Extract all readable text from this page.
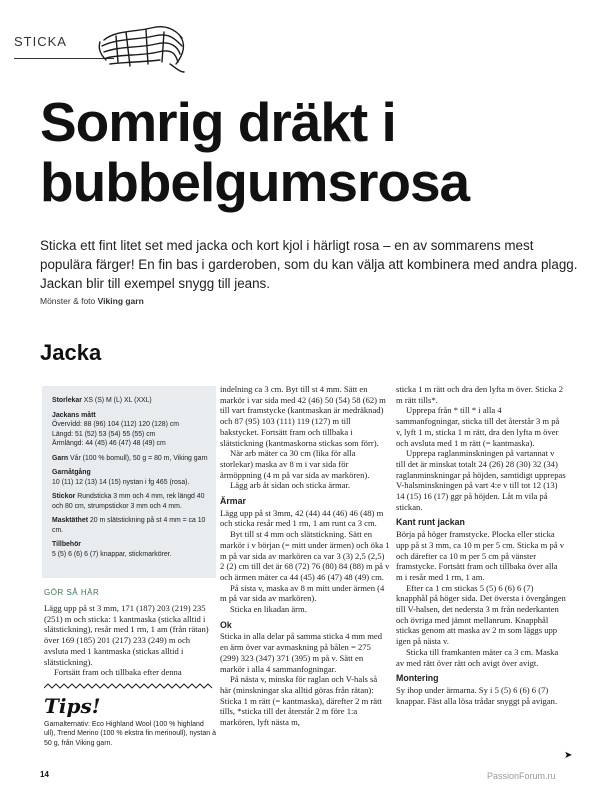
STICKA
Somrig dräkt i bubbelgumsrosa

Sticka ett fint litet set med jacka och kort kjol i härligt rosa – en av sommarens mest populära färger! En fin bas i garderoben, som du kan välja att kombinera med andra plagg. Jackan blir till exempel snygg till jeans.

Mönster & foto Viking garn

Jacka

Storlekar XS (S) M (L) XL (XXL)

Jackans mått

Övervídd: 88 (96) 104 (112) 120 (128) cm

Längd: 51 (52) 53 (54) 55 (55) cm

Ärmlängd: 44 (45) 46 (47) 48 (49) cm

Garn Vår (100 % bomull), 50 g = 80 m, Viking garn

Garnåtgång

10 (11) 12 (13) 14 (15) nystan i fg 465 (rosa).

Stickor Rundsticka 3 mm och 4 mm, rek längd 40 och 80 cm, strumpstickor 3 mm och 4 mm.

Masktäthet 20 m slätstickning på st 4 mm = ca 10 cm.

Tillbehör

5 (5) 6 (6) 6 (7) knappar, stickmarkörer.

GÖR SÅ HÄR

Lägg upp på st 3 mm, 171 (187) 203 (219) 235 (251) m och sticka: 1 kantmaska (sticka alltid i slätstickning), resår med 1 rm, 1 am (från rätan) över 169 (185) 201 (217) 233 (249) m och avsluta med 1 kantmaska (stickas alltid i slätstickning).

Fortsätt fram och tillbaka efter denna

Tips!

Garnalternativ: Eco Highland Wool (100 % highland ull), Trend Merino (100 % ekstra fin merinoull), nystan à 50 g, från Viking garn.

indelning ca 3 cm. Byt till st 4 mm. Sätt en markör i var sida med 42 (46) 50 (54) 58 (62) m till vart framstycke (kantmaskan är medräknad) och 87 (95) 103 (111) 119 (127) m till bakstycket. Fortsätt fram och tillbaka i slätstickning (kantmaskorna stickas som förr).

När arb mäter ca 30 cm (lika för alla storlekar) maska av 8 m i var sida för ärmöppning (4 m på var sida av markören).

Lägg arb åt sidan och sticka ärmar.

Ärmar

Lägg upp på st 3mm, 42 (44) 44 (46) 46 (48) m och sticka resår med 1 rm, 1 am runt ca 3 cm.

Byt till st 4 mm och slätstickning. Sätt en markör i v början (= mitt under ärmen) och öka 1 m på var sida av markören ca var 3 (3) 2,5 (2,5) 2 (2) cm till det är 68 (72) 76 (80) 84 (88) m på v och ärmen mäter ca 44 (45) 46 (47) 48 (49) cm.

På sista v, maska av 8 m mitt under ärmen (4 m på var sida av markören).

Sticka en likadan ärm.

Ok

Sticka in alla delar på samma sticka 4 mm med en ärm över var avmaskning på bålen = 275 (299) 323 (347) 371 (395) m på v. Sätt en markör i alla 4 sammanfogningar.

På nästa v, minska för raglan och V-hals så här (minskningar ska alltid göras från rätan): Sticka 1 m rätt (= kantmaska), därefter 2 m rätt tills, *sticka till det återstår 2 m före 1:a markören, lyft nästa m,

sticka 1 m rätt och dra den lyfta m över. Sticka 2 m rätt tills*.

Upprepa från * till * i alla 4 sammanfogningar, sticka till det återstår 3 m på v, lyft 1 m, sticka 1 m rätt, dra den lyfta m över och avsluta med 1 m rätt (= kantmaska).

Upprepa raglanminskningen på vartannat v till det är minskat totalt 24 (26) 28 (30) 32 (34) raglanminskningar på höjden, samtidigt upprepas V-halsminskningen på vart 4:e v till tot 12 (13) 14 (15) 16 (17) ggr på höjden. Låt m vila på stickan.

Kant runt jackan

Börja på höger framstycke. Plocka eller sticka upp på st 3 mm, ca 10 m per 5 cm. Sticka m på v och därefter ca 10 m per 5 cm på vänster framstycke. Fortsätt fram och tillbaka över alla m i resår med 1 rm, 1 am.

Efter ca 1 cm stickas 5 (5) 6 (6) 6 (7) knapphål på höger sida. Det översta i övergången till V-halsen, det nedersta 3 m från nederkanten och övriga med jämnt mellanrum. Knapphål stickas genom att maska av 2 m som läggs upp igen på nästa v.

Sticka till framkanten mäter ca 3 cm. Maska av med rätt över rätt och avigt över avigt.

Montering

Sy ihop under ärmarna. Sy i 5 (5) 6 (6) 6 (7) knappar. Fäst alla lösa trådar snyggt på avigan.

➤
14	PassionForum.ru
